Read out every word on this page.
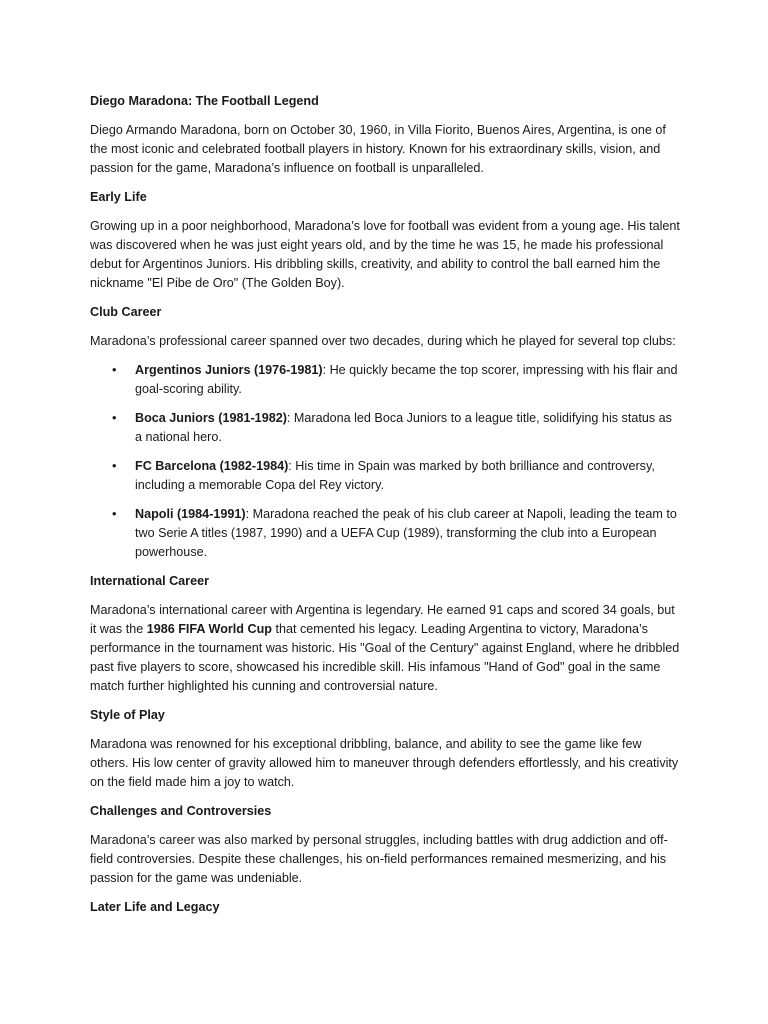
Diego Maradona: The Football Legend

Diego Armando Maradona, born on October 30, 1960, in Villa Fiorito, Buenos Aires, Argentina, is one of the most iconic and celebrated football players in history. Known for his extraordinary skills, vision, and passion for the game, Maradona’s influence on football is unparalleled.

Early Life

Growing up in a poor neighborhood, Maradona’s love for football was evident from a young age. His talent was discovered when he was just eight years old, and by the time he was 15, he made his professional debut for Argentinos Juniors. His dribbling skills, creativity, and ability to control the ball earned him the nickname "El Pibe de Oro" (The Golden Boy).

Club Career

Maradona’s professional career spanned over two decades, during which he played for several top clubs:

• Argentinos Juniors (1976-1981): He quickly became the top scorer, impressing with his flair and goal-scoring ability.
• Boca Juniors (1981-1982): Maradona led Boca Juniors to a league title, solidifying his status as a national hero.
• FC Barcelona (1982-1984): His time in Spain was marked by both brilliance and controversy, including a memorable Copa del Rey victory.
• Napoli (1984-1991): Maradona reached the peak of his club career at Napoli, leading the team to two Serie A titles (1987, 1990) and a UEFA Cup (1989), transforming the club into a European powerhouse.

International Career

Maradona’s international career with Argentina is legendary. He earned 91 caps and scored 34 goals, but it was the 1986 FIFA World Cup that cemented his legacy. Leading Argentina to victory, Maradona’s performance in the tournament was historic. His "Goal of the Century" against England, where he dribbled past five players to score, showcased his incredible skill. His infamous "Hand of God" goal in the same match further highlighted his cunning and controversial nature.

Style of Play

Maradona was renowned for his exceptional dribbling, balance, and ability to see the game like few others. His low center of gravity allowed him to maneuver through defenders effortlessly, and his creativity on the field made him a joy to watch.

Challenges and Controversies

Maradona’s career was also marked by personal struggles, including battles with drug addiction and off-field controversies. Despite these challenges, his on-field performances remained mesmerizing, and his passion for the game was undeniable.

Later Life and Legacy
